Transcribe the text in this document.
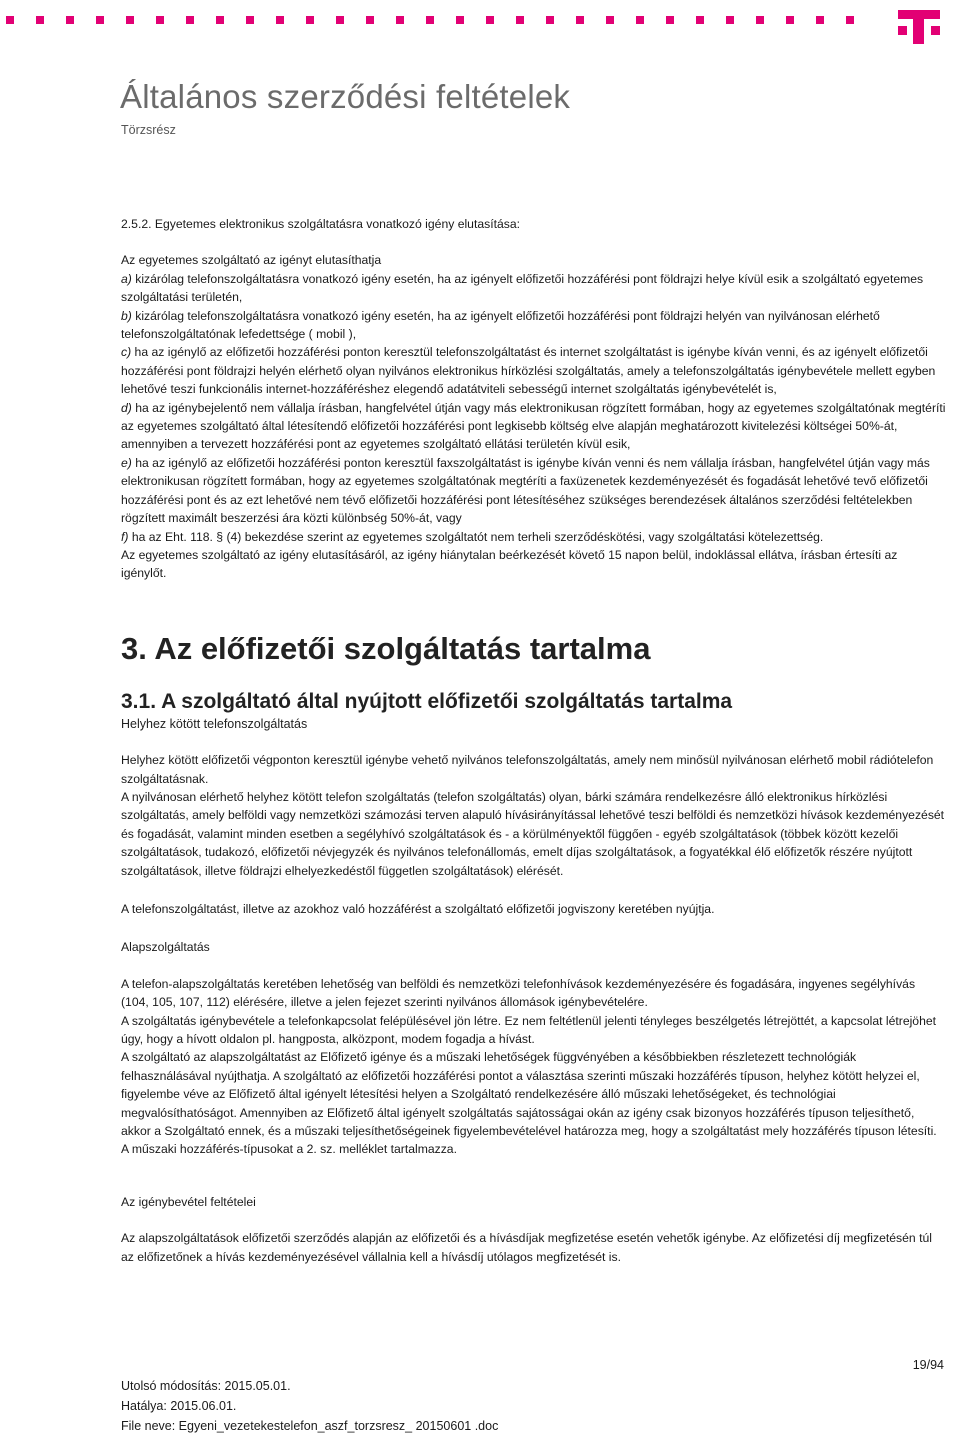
Általános szerződési feltételek
Törzsrész

2.5.2. Egyetemes elektronikus szolgáltatásra vonatkozó igény elutasítása:

Az egyetemes szolgáltató az igényt elutasíthatja

a) kizárólag telefonszolgáltatásra vonatkozó igény esetén, ha az igényelt előfizetői hozzáférési pont földrajzi helye kívül esik a szolgáltató egyetemes szolgáltatási területén,

b) kizárólag telefonszolgáltatásra vonatkozó igény esetén, ha az igényelt előfizetői hozzáférési pont földrajzi helyén van nyilvánosan elérhető telefonszolgáltatónak lefedettsége ( mobil ),

c) ha az igénylő az előfizetői hozzáférési ponton keresztül telefonszolgáltatást és internet szolgáltatást is igénybe kíván venni, és az igényelt előfizetői hozzáférési pont földrajzi helyén elérhető olyan nyilvános elektronikus hírközlési szolgáltatás, amely a telefonszolgáltatás igénybevétele mellett egyben lehetővé teszi funkcionális internet-hozzáféréshez elegendő adatátviteli sebességű internet szolgáltatás igénybevételét is,

d) ha az igénybejelentő nem vállalja írásban, hangfelvétel útján vagy más elektronikusan rögzített formában, hogy az egyetemes szolgáltatónak megtéríti az egyetemes szolgáltató által létesítendő előfizetői hozzáférési pont legkisebb költség elve alapján meghatározott kivitelezési költségei 50%-át, amennyiben a tervezett hozzáférési pont az egyetemes szolgáltató ellátási területén kívül esik,

e) ha az igénylő az előfizetői hozzáférési ponton keresztül faxszolgáltatást is igénybe kíván venni és nem vállalja írásban, hangfelvétel útján vagy más elektronikusan rögzített formában, hogy az egyetemes szolgáltatónak megtéríti a faxüzenetek kezdeményezését és fogadását lehetővé tevő előfizetői hozzáférési pont és az ezt lehetővé nem tévő előfizetői hozzáférési pont létesítéséhez szükséges berendezések általános szerződési feltételekben rögzített maximált beszerzési ára közti különbség 50%-át, vagy

f) ha az Eht. 118. § (4) bekezdése szerint az egyetemes szolgáltatót nem terheli szerződéskötési, vagy szolgáltatási kötelezettség.

Az egyetemes szolgáltató az igény elutasításáról, az igény hiánytalan beérkezését követő 15 napon belül, indoklással ellátva, írásban értesíti az igénylőt.

3. Az előfizetői szolgáltatás tartalma
3.1. A szolgáltató által nyújtott előfizetői szolgáltatás tartalma

Helyhez kötött telefonszolgáltatás

Helyhez kötött előfizetői végponton keresztül igénybe vehető nyilvános telefonszolgáltatás, amely nem minősül nyilvánosan elérhető mobil rádiótelefon szolgáltatásnak.

A nyilvánosan elérhető helyhez kötött telefon szolgáltatás (telefon szolgáltatás) olyan, bárki számára rendelkezésre álló elektronikus hírközlési szolgáltatás, amely belföldi vagy nemzetközi számozási terven alapuló hívásirányítással lehetővé teszi belföldi és nemzetközi hívások kezdeményezését és fogadását, valamint minden esetben a segélyhívó szolgáltatások és - a körülményektől függően - egyéb szolgáltatások (többek között kezelői szolgáltatások, tudakozó, előfizetői névjegyzék és nyilvános telefonállomás, emelt díjas szolgáltatások, a fogyatékkal élő előfizetők részére nyújtott szolgáltatások, illetve földrajzi elhelyezkedéstől független szolgáltatások) elérését.

A telefonszolgáltatást, illetve az azokhoz való hozzáférést a szolgáltató előfizetői jogviszony keretében nyújtja.

Alapszolgáltatás

A telefon-alapszolgáltatás keretében lehetőség van belföldi és nemzetközi telefonhívások kezdeményezésére és fogadására, ingyenes segélyhívás (104, 105, 107, 112) elérésére, illetve a jelen fejezet szerinti nyilvános állomások igénybevételére.

A szolgáltatás igénybevétele a telefonkapcsolat felépülésével jön létre. Ez nem feltétlenül jelenti tényleges beszélgetés létrejöttét, a kapcsolat létrejöhet úgy, hogy a hívott oldalon pl. hangposta, alközpont, modem fogadja a hívást.

A szolgáltató az alapszolgáltatást az Előfizető igénye és a műszaki lehetőségek függvényében a későbbiekben részletezett technológiák felhasználásával nyújthatja. A szolgáltató az előfizetői hozzáférési pontot a választása szerinti műszaki hozzáférés típuson, helyhez kötött helyzei el, figyelembe véve az Előfizető által igényelt létesítési helyen a Szolgáltató rendelkezésére álló műszaki lehetőségeket, és technológiai megvalósíthatóságot. Amennyiben az Előfizető által igényelt szolgáltatás sajátosságai okán az igény csak bizonyos hozzáférés típuson teljesíthető, akkor a Szolgáltató ennek, és a műszaki teljesíthetőségeinek figyelembevételével határozza meg, hogy a szolgáltatást mely hozzáférés típuson létesíti. A műszaki hozzáférés-típusokat a 2. sz. melléklet tartalmazza.

Az igénybevétel feltételei

Az alapszolgáltatások előfizetői szerződés alapján az előfizetői és a hívásdíjak megfizetése esetén vehetők igénybe. Az előfizetési díj megfizetésén túl az előfizetőnek a hívás kezdeményezésével vállalnia kell a hívásdíj utólagos megfizetését is.

19/94
Utolsó módosítás: 2015.05.01.
Hatálya: 2015.06.01.
File neve: Egyeni_vezetekestelefon_aszf_torzsresz_ 20150601 .doc
